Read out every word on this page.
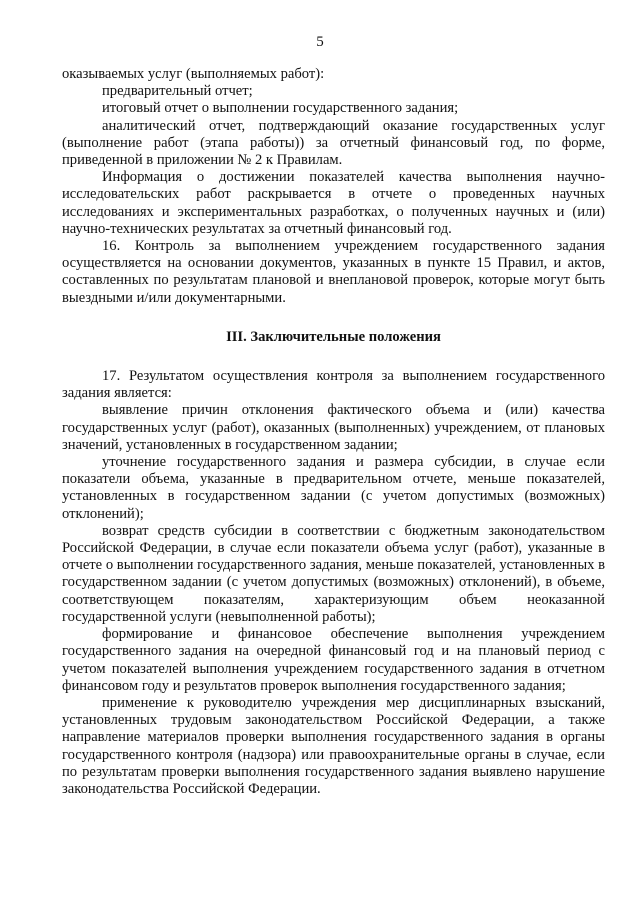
5

оказываемых услуг (выполняемых работ):

предварительный отчет;

итоговый отчет о выполнении государственного задания;

аналитический отчет, подтверждающий оказание государственных услуг (выполнение работ (этапа работы)) за отчетный финансовый год, по форме, приведенной в приложении № 2 к Правилам.

Информация о достижении показателей качества выполнения научно-исследовательских работ раскрывается в отчете о проведенных научных исследованиях и экспериментальных разработках, о полученных научных и (или) научно-технических результатах за отчетный финансовый год.

16. Контроль за выполнением учреждением государственного задания осуществляется на основании документов, указанных в пункте 15 Правил, и актов, составленных по результатам плановой и внеплановой проверок, которые могут быть выездными и/или документарными.

III. Заключительные положения

17. Результатом осуществления контроля за выполнением государственного задания является:

выявление причин отклонения фактического объема и (или) качества государственных услуг (работ), оказанных (выполненных) учреждением, от плановых значений, установленных в государственном задании;

уточнение государственного задания и размера субсидии, в случае если показатели объема, указанные в предварительном отчете, меньше показателей, установленных в государственном задании (с учетом допустимых (возможных) отклонений);

возврат средств субсидии в соответствии с бюджетным законодательством Российской Федерации, в случае если показатели объема услуг (работ), указанные в отчете о выполнении государственного задания, меньше показателей, установленных в государственном задании (с учетом допустимых (возможных) отклонений), в объеме, соответствующем показателям, характеризующим объем неоказанной государственной услуги (невыполненной работы);

формирование и финансовое обеспечение выполнения учреждением государственного задания на очередной финансовый год и на плановый период с учетом показателей выполнения учреждением государственного задания в отчетном финансовом году и результатов проверок выполнения государственного задания;

применение к руководителю учреждения мер дисциплинарных взысканий, установленных трудовым законодательством Российской Федерации, а также направление материалов проверки выполнения государственного задания в органы государственного контроля (надзора) или правоохранительные органы в случае, если по результатам проверки выполнения государственного задания выявлено нарушение законодательства Российской Федерации.
